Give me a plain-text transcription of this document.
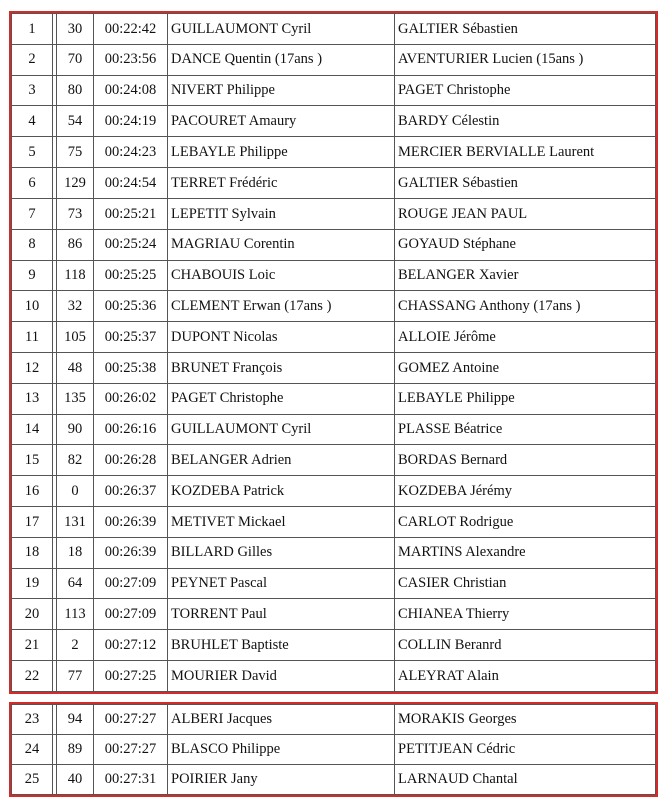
1		30	00:22:42	GUILLAUMONT Cyril	GALTIER Sébastien
2		70	00:23:56	DANCE Quentin (17ans )	AVENTURIER Lucien (15ans )
3		80	00:24:08	NIVERT Philippe	PAGET Christophe
4		54	00:24:19	PACOURET Amaury	BARDY Célestin
5		75	00:24:23	LEBAYLE Philippe	MERCIER BERVIALLE Laurent
6		129	00:24:54	TERRET Frédéric	GALTIER Sébastien
7		73	00:25:21	LEPETIT Sylvain	ROUGE JEAN PAUL
8		86	00:25:24	MAGRIAU Corentin	GOYAUD Stéphane
9		118	00:25:25	CHABOUIS Loic	BELANGER Xavier
10		32	00:25:36	CLEMENT Erwan (17ans )	CHASSANG Anthony (17ans )
11		105	00:25:37	DUPONT Nicolas	ALLOIE Jérôme
12		48	00:25:38	BRUNET François	GOMEZ Antoine
13		135	00:26:02	PAGET Christophe	LEBAYLE Philippe
14		90	00:26:16	GUILLAUMONT Cyril	PLASSE Béatrice
15		82	00:26:28	BELANGER Adrien	BORDAS Bernard
16		0	00:26:37	KOZDEBA Patrick	KOZDEBA Jérémy
17		131	00:26:39	METIVET Mickael	CARLOT Rodrigue
18		18	00:26:39	BILLARD Gilles	MARTINS Alexandre
19		64	00:27:09	PEYNET Pascal	CASIER Christian
20		113	00:27:09	TORRENT Paul	CHIANEA Thierry
21		2	00:27:12	BRUHLET Baptiste	COLLIN Beranrd
22		77	00:27:25	MOURIER David	ALEYRAT Alain
23		94	00:27:27	ALBERI Jacques	MORAKIS Georges
24		89	00:27:27	BLASCO Philippe	PETITJEAN Cédric
25		40	00:27:31	POIRIER Jany	LARNAUD Chantal
